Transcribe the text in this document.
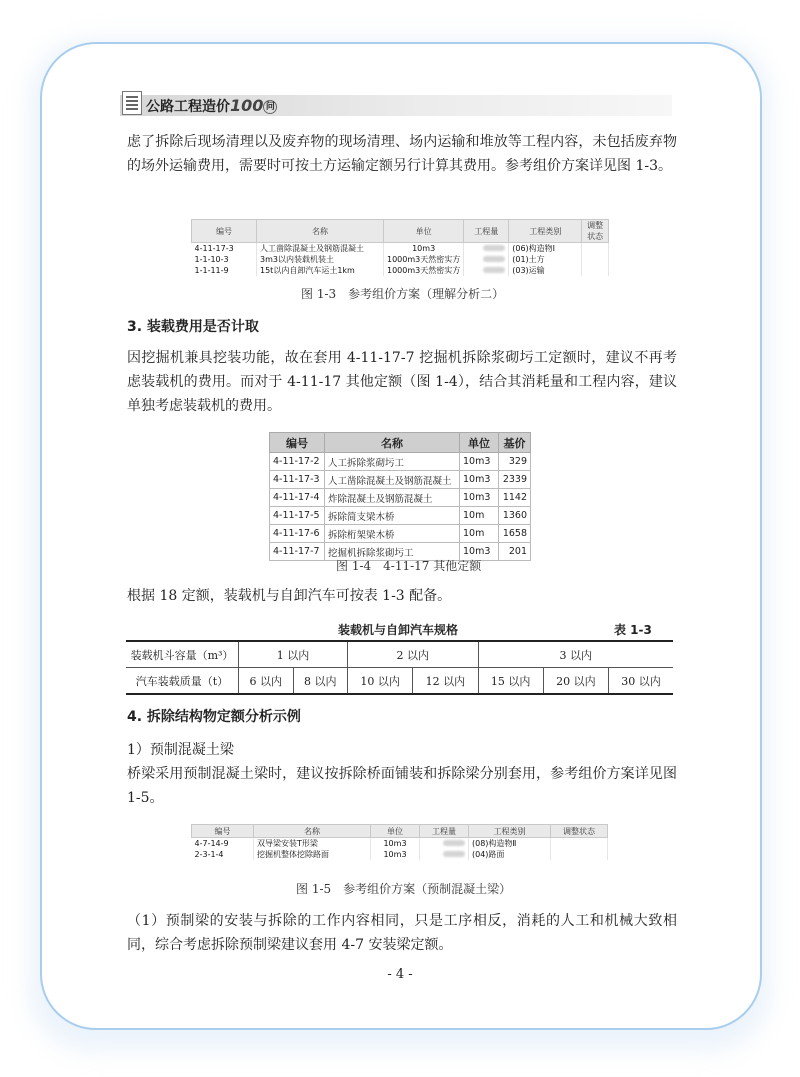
公路工程造价100 问

虑了拆除后现场清理以及废弃物的现场清理、场内运输和堆放等工程内容，未包括废弃物的场外运输费用，需要时可按土方运输定额另行计算其费用。参考组价方案详见图 1-3。

编号	名称	单位	工程量	工程类别	调整状态
4-11-17-3	人工凿除混凝土及钢筋混凝土	10m3		(06)构造物Ⅰ	
1-1-10-3	3m3以内装载机装土	1000m3天然密实方		(01)土方	
1-1-11-9	15t以内自卸汽车运土1km	1000m3天然密实方		(03)运输	
图 1-3　参考组价方案（理解分析二）
3. 装载费用是否计取

因挖掘机兼具挖装功能，故在套用 4-11-17-7 挖掘机拆除浆砌圬工定额时，建议不再考虑装载机的费用。而对于 4-11-17 其他定额（图 1-4），结合其消耗量和工程内容，建议单独考虑装载机的费用。

编号	名称	单位	基价
4-11-17-2	人工拆除浆砌圬工	10m3	329
4-11-17-3	人工凿除混凝土及钢筋混凝土	10m3	2339
4-11-17-4	炸除混凝土及钢筋混凝土	10m3	1142
4-11-17-5	拆除简支梁木桥	10m	1360
4-11-17-6	拆除桁架梁木桥	10m	1658
4-11-17-7	挖掘机拆除浆砌圬工	10m3	201
图 1-4　4-11-17 其他定额

根据 18 定额，装载机与自卸汽车可按表 1-3 配备。

装载机与自卸汽车规格	表 1-3
装载机斗容量（m³）	1 以内		2 以内		3 以内		
汽车装载质量（t）	6 以内	8 以内	10 以内	12 以内	15 以内	20 以内	30 以内
4. 拆除结构物定额分析示例
1）预制混凝土梁

桥梁采用预制混凝土梁时，建议按拆除桥面铺装和拆除梁分别套用，参考组价方案详见图 1-5。

编号	名称	单位	工程量	工程类别	调整状态
4-7-14-9	双导梁安装T形梁	10m3		(08)构造物Ⅱ	
2-3-1-4	挖掘机整体挖除路面	10m3		(04)路面	
图 1-5　参考组价方案（预制混凝土梁）

（1）预制梁的安装与拆除的工作内容相同，只是工序相反，消耗的人工和机械大致相同，综合考虑拆除预制梁建议套用 4-7 安装梁定额。

- 4 -
